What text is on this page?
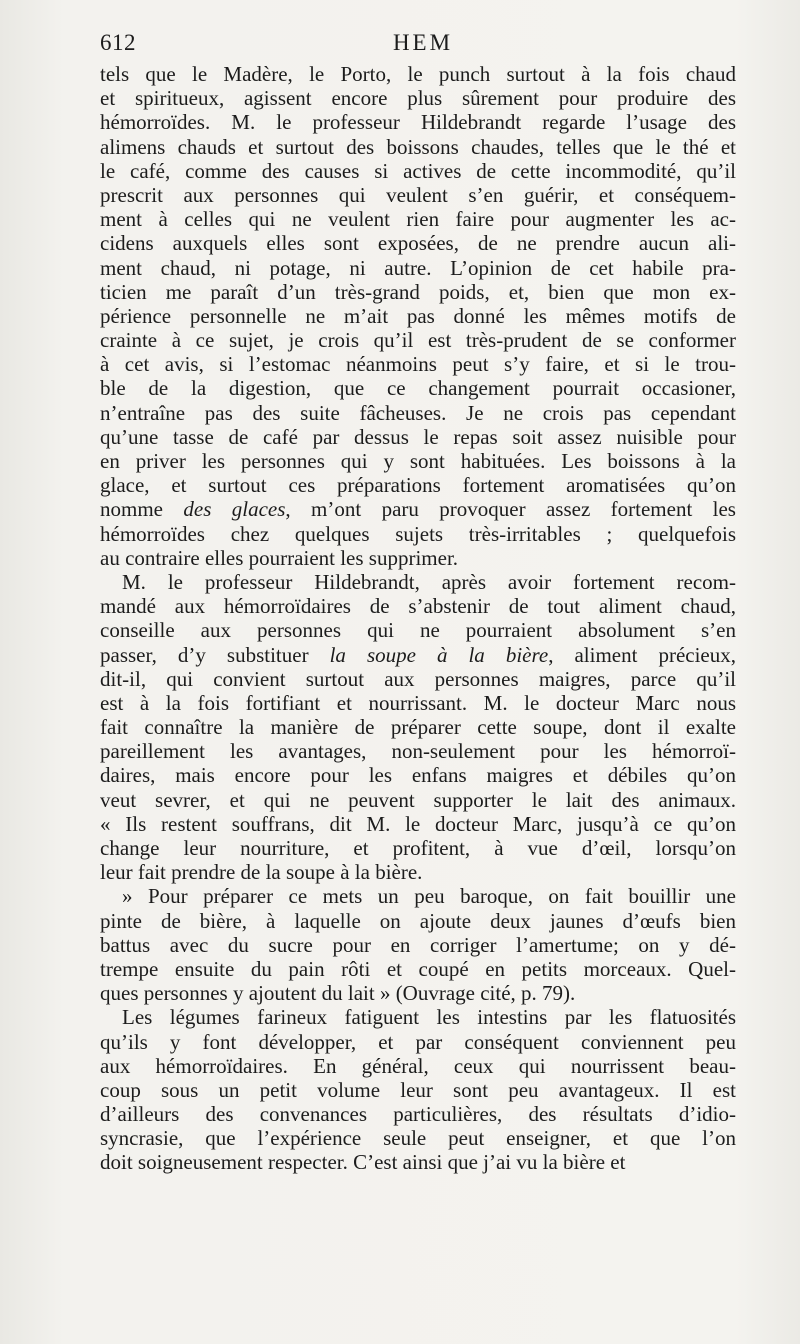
612	HEM
tels que le Madère, le Porto, le punch surtout à la fois chaud
et spiritueux, agissent encore plus sûrement pour produire des
hémorroïdes. M. le professeur Hildebrandt regarde l’usage des
alimens chauds et surtout des boissons chaudes, telles que le thé et
le café, comme des causes si actives de cette incommodité, qu’il
prescrit aux personnes qui veulent s’en guérir, et conséquem-
ment à celles qui ne veulent rien faire pour augmenter les ac-
cidens auxquels elles sont exposées, de ne prendre aucun ali-
ment chaud, ni potage, ni autre. L’opinion de cet habile pra-
ticien me paraît d’un très-grand poids, et, bien que mon ex-
périence personnelle ne m’ait pas donné les mêmes motifs de
crainte à ce sujet, je crois qu’il est très-prudent de se conformer
à cet avis, si l’estomac néanmoins peut s’y faire, et si le trou-
ble de la digestion, que ce changement pourrait occasioner,
n’entraîne pas des suite fâcheuses. Je ne crois pas cependant
qu’une tasse de café par dessus le repas soit assez nuisible pour
en priver les personnes qui y sont habituées. Les boissons à la
glace, et surtout ces préparations fortement aromatisées qu’on
nomme des glaces, m’ont paru provoquer assez fortement les
hémorroïdes chez quelques sujets très-irritables ; quelquefois
au contraire elles pourraient les supprimer.
M. le professeur Hildebrandt, après avoir fortement recom-
mandé aux hémorroïdaires de s’abstenir de tout aliment chaud,
conseille aux personnes qui ne pourraient absolument s’en
passer, d’y substituer la soupe à la bière, aliment précieux,
dit-il, qui convient surtout aux personnes maigres, parce qu’il
est à la fois fortifiant et nourrissant. M. le docteur Marc nous
fait connaître la manière de préparer cette soupe, dont il exalte
pareillement les avantages, non-seulement pour les hémorroï-
daires, mais encore pour les enfans maigres et débiles qu’on
veut sevrer, et qui ne peuvent supporter le lait des animaux.
« Ils restent souffrans, dit M. le docteur Marc, jusqu’à ce qu’on
change leur nourriture, et profitent, à vue d’œil, lorsqu’on
leur fait prendre de la soupe à la bière.
» Pour préparer ce mets un peu baroque, on fait bouillir une
pinte de bière, à laquelle on ajoute deux jaunes d’œufs bien
battus avec du sucre pour en corriger l’amertume; on y dé-
trempe ensuite du pain rôti et coupé en petits morceaux. Quel-
ques personnes y ajoutent du lait » (Ouvrage cité, p. 79).
Les légumes farineux fatiguent les intestins par les flatuosités
qu’ils y font développer, et par conséquent conviennent peu
aux hémorroïdaires. En général, ceux qui nourrissent beau-
coup sous un petit volume leur sont peu avantageux. Il est
d’ailleurs des convenances particulières, des résultats d’idio-
syncrasie, que l’expérience seule peut enseigner, et que l’on
doit soigneusement respecter. C’est ainsi que j’ai vu la bière et
